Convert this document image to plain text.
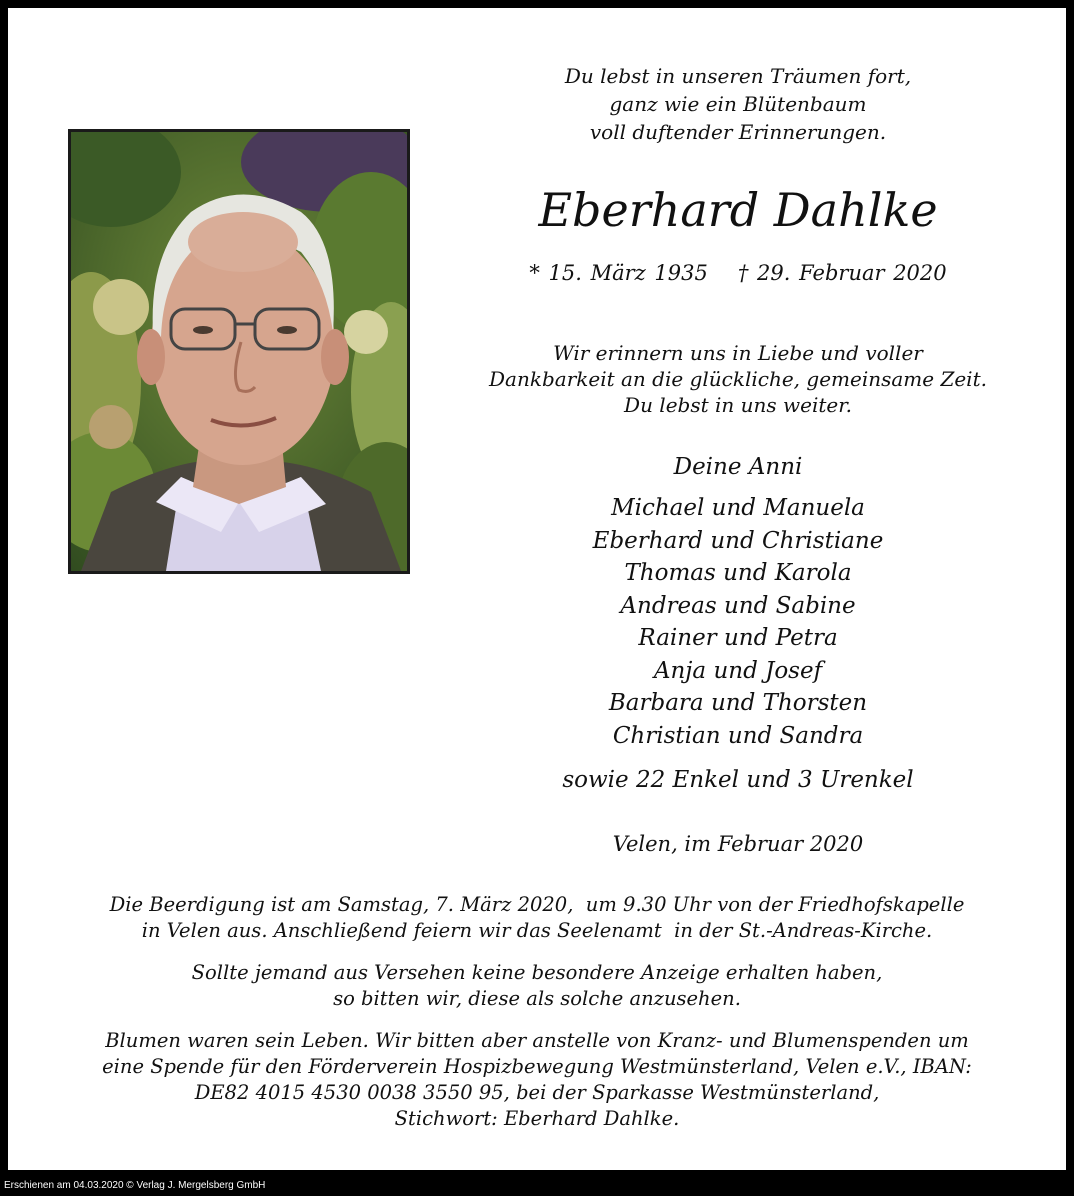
Du lebst in unseren Träumen fort,
ganz wie ein Blütenbaum
voll duftender Erinnerungen.
Eberhard Dahlke
* 15. März 1935 † 29. Februar 2020
Wir erinnern uns in Liebe und voller
Dankbarkeit an die glückliche, gemeinsame Zeit.
Du lebst in uns weiter.
Deine Anni
Michael und Manuela
Eberhard und Christiane
Thomas und Karola
Andreas und Sabine
Rainer und Petra
Anja und Josef
Barbara und Thorsten
Christian und Sandra
sowie 22 Enkel und 3 Urenkel
Velen, im Februar 2020
Die Beerdigung ist am Samstag, 7. März 2020,  um 9.30 Uhr von der Friedhofskapelle
in Velen aus. Anschließend feiern wir das Seelenamt  in der St.-Andreas-Kirche.
Sollte jemand aus Versehen keine besondere Anzeige erhalten haben,
so bitten wir, diese als solche anzusehen.
Blumen waren sein Leben. Wir bitten aber anstelle von Kranz- und Blumenspenden um
eine Spende für den Förderverein Hospizbewegung Westmünsterland, Velen e.V., IBAN:
DE82 4015 4530 0038 3550 95, bei der Sparkasse Westmünsterland,
Stichwort: Eberhard Dahlke.
Erschienen am 04.03.2020 © Verlag J. Mergelsberg GmbH
